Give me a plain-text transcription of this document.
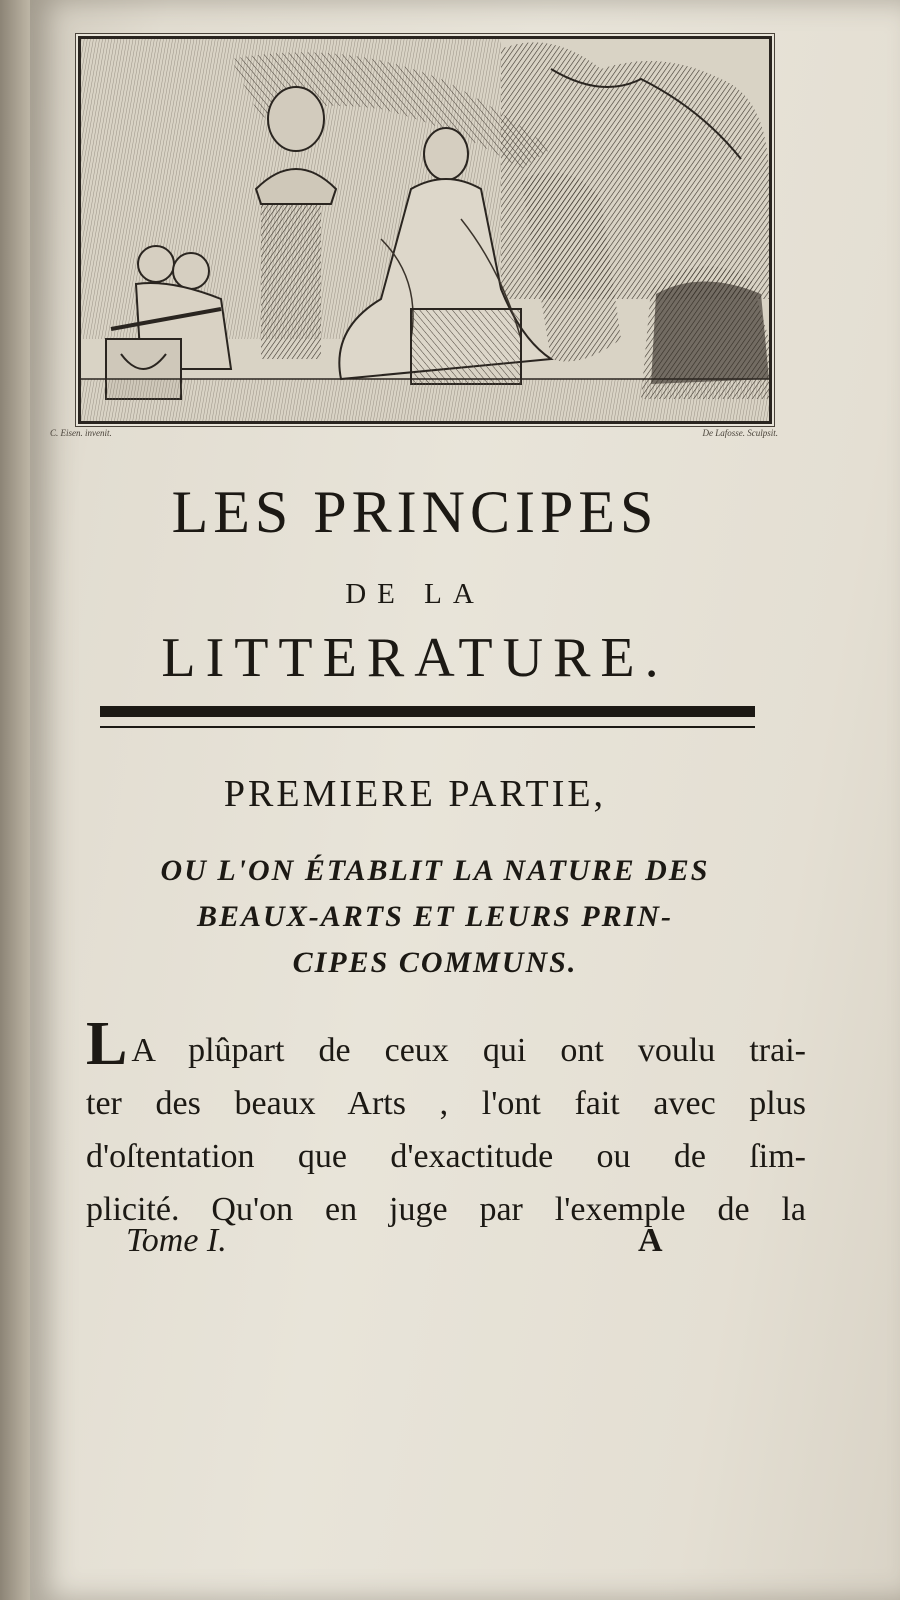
C. Eisen. invenit.	De Lafosse. Sculpsit.
LES PRINCIPES
DE LA
LITTERATURE.
PREMIERE PARTIE,
OU L'ON ÉTABLIT LA NATURE DES
BEAUX-ARTS ET LEURS PRIN-
CIPES COMMUNS.
L A plûpart de ceux qui ont voulu trai-
ter des beaux Arts , l'ont fait avec plus
d'oſtentation que d'exactitude ou de ſim-
plicité. Qu'on en juge par l'exemple de la
Tome I.	A
